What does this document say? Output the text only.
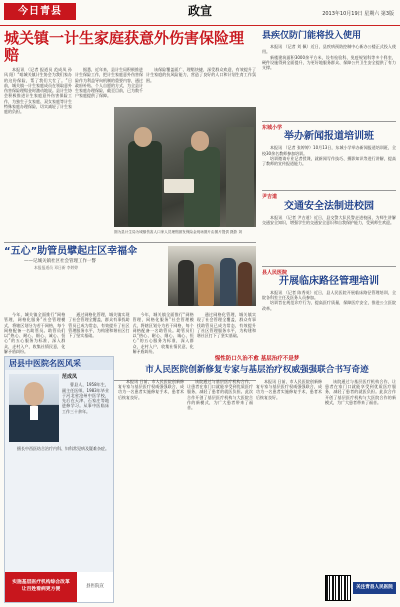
今日青县	政宣	2013年10月19日 星期六 第3版
城关镇一计生家庭获意外伤害保险理赔

本报讯 （记者 报道员 范成凤 孙 风 阳）“咱城关镇计生协会为我们家办的这份保险，帮了我们大忙了。”日前，城关镇一计生家庭成员在领取意外伤害保险理赔金时激动地说。县计生协会积极推进计生家庭意外伤害保险工作，为独生子女家庭、双女家庭等计生特殊家庭办理保险，切实减轻了计生家庭的负担。

据悉，近年来，县计生局积极推进计生保险工作，把计生家庭意外伤害保险作为利益导向机制的重要内容，通过政府补贴、个人自愿的方式，为全县计生家庭办理保险，截至目前，已为数千户家庭提供了保障。

该保险覆盖面广、理赔快捷，深受群众欢迎，有效提升了计生家庭的抗风险能力，营造了良好的人口和计划生育工作氛围。

图为县计生局为城镇伤害人口家人员理赔颁发保险金现场图片由图片提供 摄影 刘
“五心”助管员擘起庄区幸福伞
——记城关镇社区社会管理工作一瞥
本报报道员 邓日新 李婷婷

今年，城关镇全面推行“网格管理，网格化服务”社会管理模式，将辖区划分为若干网格，每个网格配备一名助管员。助管员们以“热心、耐心、细心、诚心、恒心”的五心服务为标准，深入群众，走村入户，收集社情民意，化解矛盾纠纷。

通过网格化管理，城关镇实现了社会管理全覆盖，群众有事找助管员已成为常态，有效提升了社区管理服务水平，为构建和谐社区打下了坚实基础。

今年，城关镇全面推行“网格管理，网格化服务”社会管理模式，将辖区划分为若干网格，每个网格配备一名助管员。助管员们以“热心、耐心、细心、诚心、恒心”的五心服务为标准，深入群众，走村入户，收集社情民意，化解矛盾纠纷。

通过网格化管理，城关镇实现了社会管理全覆盖，群众有事找助管员已成为常态，有效提升了社区管理服务水平，为构建和谐社区打下了坚实基础。

县疾仅防门能将投入使用

本报讯 （记者 刘 佩）近日，县疾病预防控制中心新办公楼正式投入使用。

新楼建筑面积3000余平方米，设有检验科、免疫规划科等多个科室，硬件设施得到全面提升，为更好地服务群众、保障公共卫生安全提供了有力支撑。

东城小学
举办新闻报道培训班

本报讯 （记者 张婷婷）10月13日，东城小学举办新闻报道培训班，全校30余名教师参加培训。

培训邀请专业记者授课，就新闻写作技巧、摄影知识等进行讲解，提高了教师的宣传报道能力。

尹吉道
交通安全法制进校园

本报讯 （记者 尹吉道）近日，县交警大队民警走进校园，为师生讲解交通安全知识，增强学生的交通安全意识和自我保护能力，受到师生欢迎。

县人民医院
开展临床路径管理培训

本报讯 （记者 陈秀英）近日，县人民医院开展临床路径管理培训，全院各科室主任及医务人员参加。

培训旨在规范诊疗行为，提高医疗质量，保障医疗安全，推进公立医院改革。

居县中医院名医风采
范成凤

曹县人，1958年生，副主任医师。1983年毕业于河北省沧州中医学校，先后在天津、石家庄等地进修学习。从事中医临床工作三十余年。

擅长中西医结合治疗内科、妇科常见病及疑难杂症。

实施基层医疗机构综合改革
让百姓看病更方便
县医院宣
惺性防口久治不愈 基层治疗不是梦
市人民医院创新修复专家与基层治疗权威强强联合书写奇迹

本报讯 日前，市人民医院创新修复专家与基层医疗权威强强联合，成功为一名患者实施修复手术，患者术后恢复良好。

该院通过与基层医疗机构合作，让患者在家门口就能享受到优质医疗服务，减轻了患者的就医负担。此次合作开创了基层医疗机构与大医院合作的新模式，为广大患者带来了福音。

本报讯 日前，市人民医院创新修复专家与基层医疗权威强强联合，成功为一名患者实施修复手术，患者术后恢复良好。

该院通过与基层医疗机构合作，让患者在家门口就能享受到优质医疗服务，减轻了患者的就医负担。此次合作开创了基层医疗机构与大医院合作的新模式，为广大患者带来了福音。

关注青县人民医院
